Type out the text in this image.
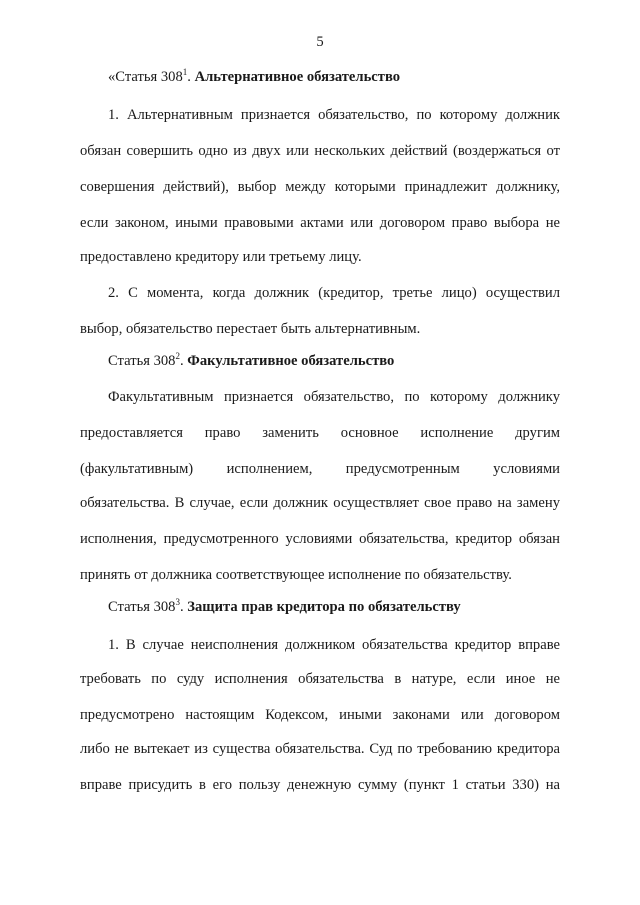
5
«Статья $308^1$. Альтернативное обязательство
1. Альтернативным признается обязательство, по которому должник
обязан совершить одно из двух или нескольких действий (воздержаться от
совершения действий), выбор между которыми принадлежит должнику,
если законом, иными правовыми актами или договором право выбора не
предоставлено кредитору или третьему лицу.
2. С момента, когда должник (кредитор, третье лицо) осуществил
выбор, обязательство перестает быть альтернативным.
Статья $308^2$. Факультативное обязательство
Факультативным признается обязательство, по которому должнику
предоставляется право заменить основное исполнение другим
(факультативным) исполнением, предусмотренным условиями
обязательства. В случае, если должник осуществляет свое право на замену
исполнения, предусмотренного условиями обязательства, кредитор обязан
принять от должника соответствующее исполнение по обязательству.
Статья $308^3$. Защита прав кредитора по обязательству
1. В случае неисполнения должником обязательства кредитор вправе
требовать по суду исполнения обязательства в натуре, если иное не
предусмотрено настоящим Кодексом, иными законами или договором
либо не вытекает из существа обязательства. Суд по требованию кредитора
вправе присудить в его пользу денежную сумму (пункт 1 статьи 330) на
